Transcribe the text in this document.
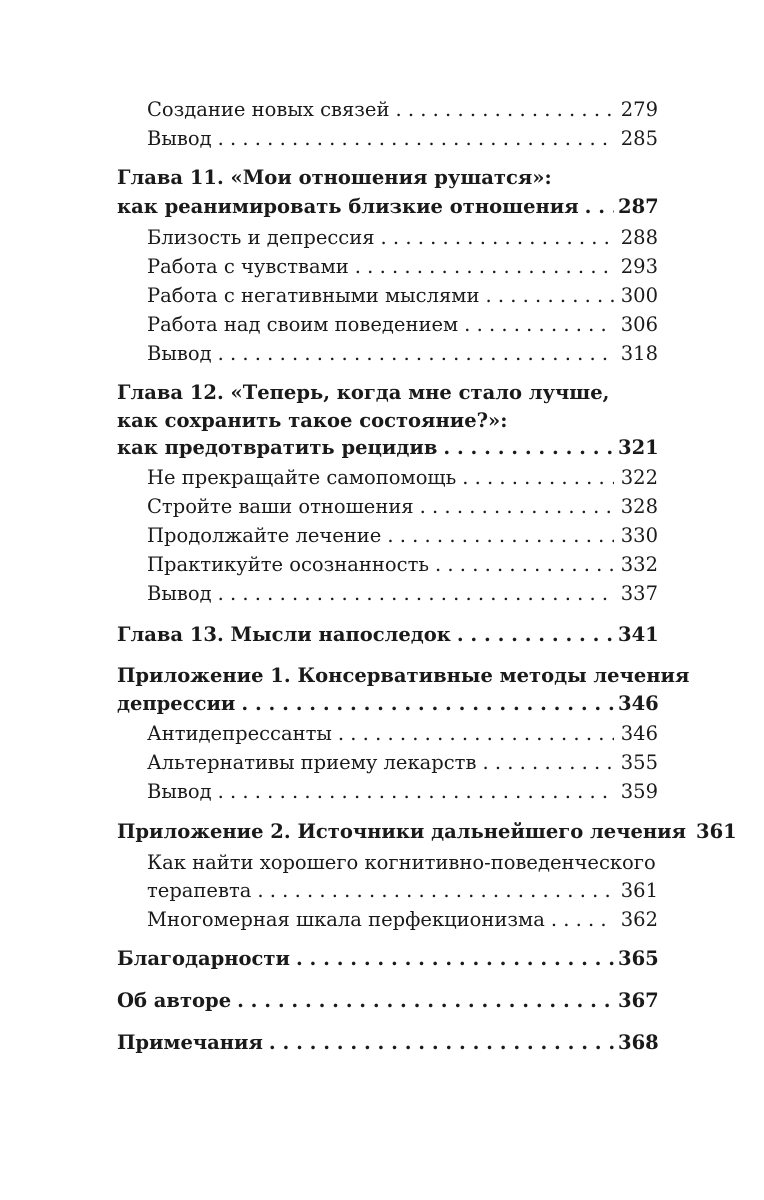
Создание новых связей . . .	279
Вывод . . .	285
Глава 11. «Мои отношения рушатся»:
как реанимировать близкие отношения . . . 287
Близость и депрессия . . .	288
Работа с чувствами . . .	293
Работа с негативными мыслями . . .	300
Работа над своим поведением . . .	306
Вывод . . .	318
Глава 12. «Теперь, когда мне стало лучше,
как сохранить такое состояние?»:
как предотвратить рецидив . . .	321
Не прекращайте самопомощь . . .	322
Стройте ваши отношения . . .	328
Продолжайте лечение . . .	330
Практикуйте осознанность . . .	332
Вывод . . .	337
Глава 13. Мысли напоследок . . .	341
Приложение 1. Консервативные методы лечения
депрессии . . .	346
Антидепрессанты . . .	346
Альтернативы приему лекарств . . .	355
Вывод . . .	359
Приложение 2. Источники дальнейшего лечения 361
Как найти хорошего когнитивно-поведенческого
терапевта . . .	361
Многомерная шкала перфекционизма . . .	362
Благодарности . . .	365
Об авторе . . .	367
Примечания . . .	368
